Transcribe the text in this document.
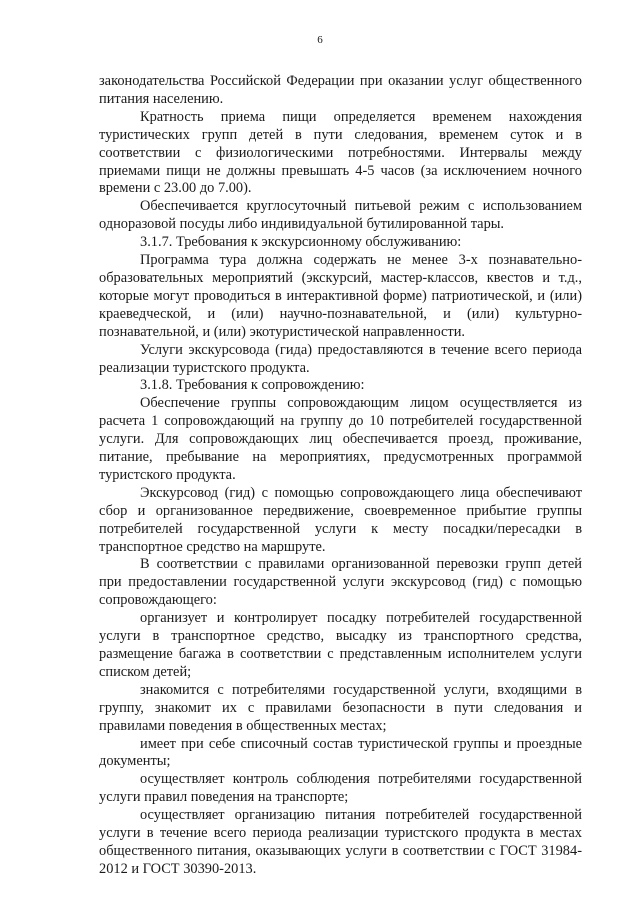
6

законодательства Российской Федерации при оказании услуг общественного питания населению.

Кратность приема пищи определяется временем нахождения туристических групп детей в пути следования, временем суток и в соответствии с физиологическими потребностями. Интервалы между приемами пищи не должны превышать 4-5 часов (за исключением ночного времени с 23.00 до 7.00).

Обеспечивается круглосуточный питьевой режим с использованием одноразовой посуды либо индивидуальной бутилированной тары.

3.1.7. Требования к экскурсионному обслуживанию:

Программа тура должна содержать не менее 3-х познавательно-образовательных мероприятий (экскурсий, мастер-классов, квестов и т.д., которые могут проводиться в интерактивной форме) патриотической, и (или) краеведческой, и (или) научно-познавательной, и (или) культурно-познавательной, и (или) экотуристической направленности.

Услуги экскурсовода (гида) предоставляются в течение всего периода реализации туристского продукта.

3.1.8. Требования к сопровождению:

Обеспечение группы сопровождающим лицом осуществляется из расчета 1 сопровождающий на группу до 10 потребителей государственной услуги. Для сопровождающих лиц обеспечивается проезд, проживание, питание, пребывание на мероприятиях, предусмотренных программой туристского продукта.

Экскурсовод (гид) с помощью сопровождающего лица обеспечивают сбор и организованное передвижение, своевременное прибытие группы потребителей государственной услуги к месту посадки/пересадки в транспортное средство на маршруте.

В соответствии с правилами организованной перевозки групп детей при предоставлении государственной услуги экскурсовод (гид) с помощью сопровождающего:

организует и контролирует посадку потребителей государственной услуги в транспортное средство, высадку из транспортного средства, размещение багажа в соответствии с представленным исполнителем услуги списком детей;

знакомится с потребителями государственной услуги, входящими в группу, знакомит их с правилами безопасности в пути следования и правилами поведения в общественных местах;

имеет при себе списочный состав туристической группы и проездные документы;

осуществляет контроль соблюдения потребителями государственной услуги правил поведения на транспорте;

осуществляет организацию питания потребителей государственной услуги в течение всего периода реализации туристского продукта в местах общественного питания, оказывающих услуги в соответствии с ГОСТ 31984-2012 и ГОСТ 30390-2013.
